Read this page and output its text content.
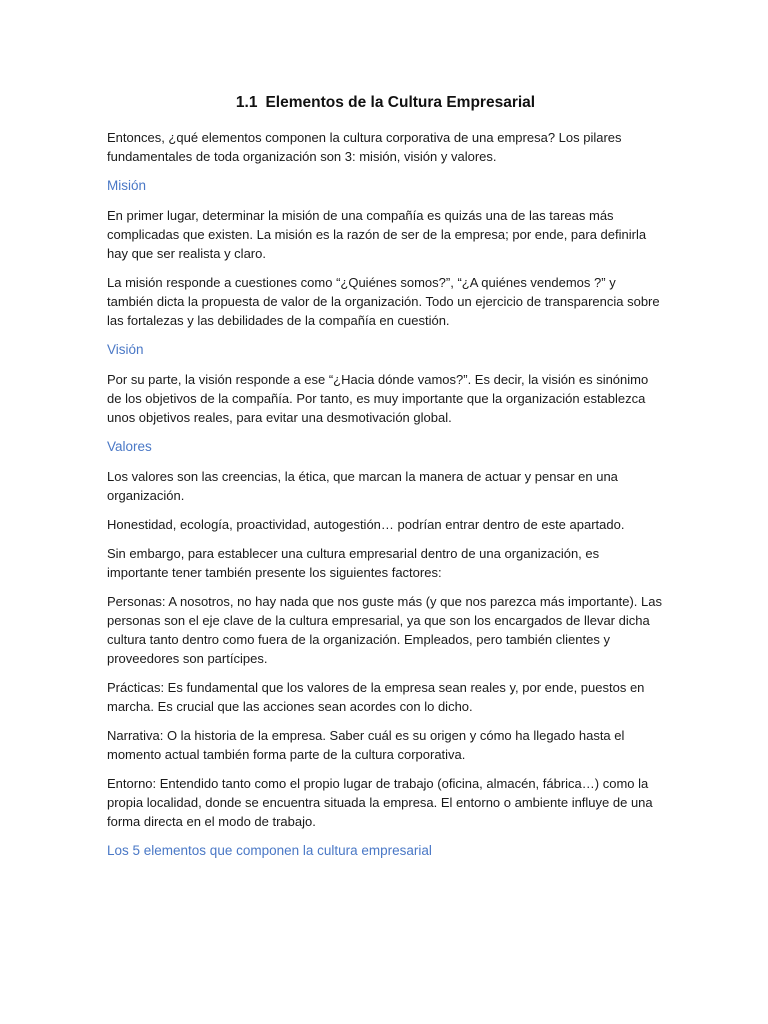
1.1 Elementos de la Cultura Empresarial

Entonces, ¿qué elementos componen la cultura corporativa de una empresa? Los pilares fundamentales de toda organización son 3: misión, visión y valores.

Misión

En primer lugar, determinar la misión de una compañía es quizás una de las tareas más complicadas que existen. La misión es la razón de ser de la empresa; por ende, para definirla hay que ser realista y claro.

La misión responde a cuestiones como “¿Quiénes somos?”, “¿A quiénes vendemos ?” y también dicta la propuesta de valor de la organización. Todo un ejercicio de transparencia sobre las fortalezas y las debilidades de la compañía en cuestión.

Visión

Por su parte, la visión responde a ese “¿Hacia dónde vamos?”. Es decir, la visión es sinónimo de los objetivos de la compañía. Por tanto, es muy importante que la organización establezca unos objetivos reales, para evitar una desmotivación global.

Valores

Los valores son las creencias, la ética, que marcan la manera de actuar y pensar en una organización.

Honestidad, ecología, proactividad, autogestión… podrían entrar dentro de este apartado.

Sin embargo, para establecer una cultura empresarial dentro de una organización, es importante tener también presente los siguientes factores:

Personas: A nosotros, no hay nada que nos guste más (y que nos parezca más importante). Las personas son el eje clave de la cultura empresarial, ya que son los encargados de llevar dicha cultura tanto dentro como fuera de la organización. Empleados, pero también clientes y proveedores son partícipes.

Prácticas: Es fundamental que los valores de la empresa sean reales y, por ende, puestos en marcha. Es crucial que las acciones sean acordes con lo dicho.

Narrativa: O la historia de la empresa. Saber cuál es su origen y cómo ha llegado hasta el momento actual también forma parte de la cultura corporativa.

Entorno: Entendido tanto como el propio lugar de trabajo (oficina, almacén, fábrica…) como la propia localidad, donde se encuentra situada la empresa. El entorno o ambiente influye de una forma directa en el modo de trabajo.

Los 5 elementos que componen la cultura empresarial
